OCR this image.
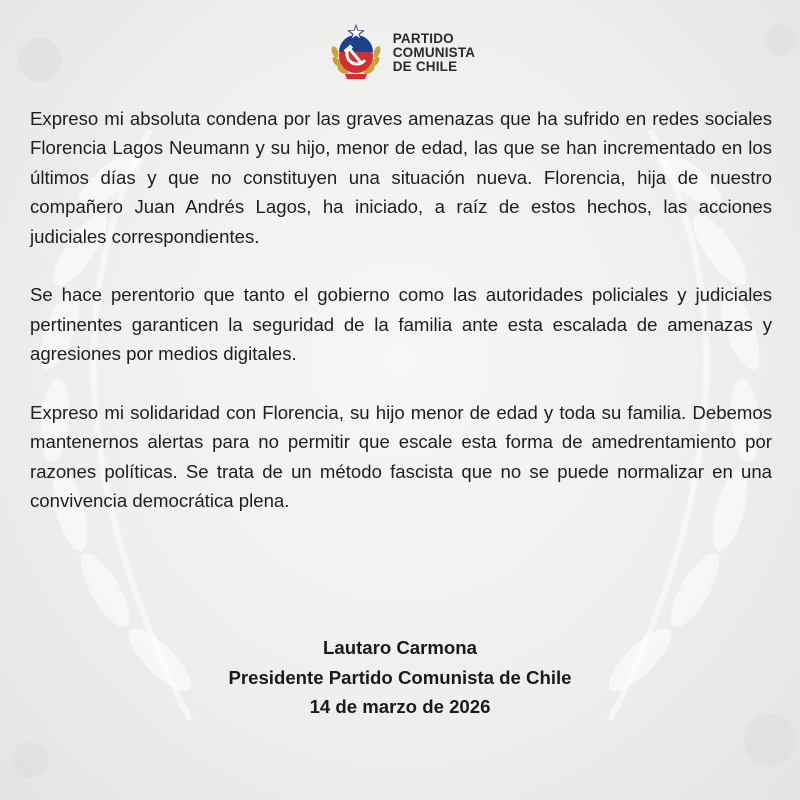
PARTIDO
COMUNISTA
DE CHILE

Expreso mi absoluta condena por las graves amenazas que ha sufrido en redes sociales Florencia Lagos Neumann y su hijo, menor de edad, las que se han incrementado en los últimos días y que no constituyen una situación nueva. Florencia, hija de nuestro compañero Juan Andrés Lagos, ha iniciado, a raíz de estos hechos, las acciones judiciales correspondientes.

Se hace perentorio que tanto el gobierno como las autoridades policiales y judiciales pertinentes garanticen la seguridad de la familia ante esta escalada de amenazas y agresiones por medios digitales.

Expreso mi solidaridad con Florencia, su hijo menor de edad y toda su familia. Debemos mantenernos alertas para no permitir que escale esta forma de amedrentamiento por razones políticas. Se trata de un método fascista que no se puede normalizar en una convivencia democrática plena.

Lautaro Carmona
Presidente Partido Comunista de Chile
14 de marzo de 2026
